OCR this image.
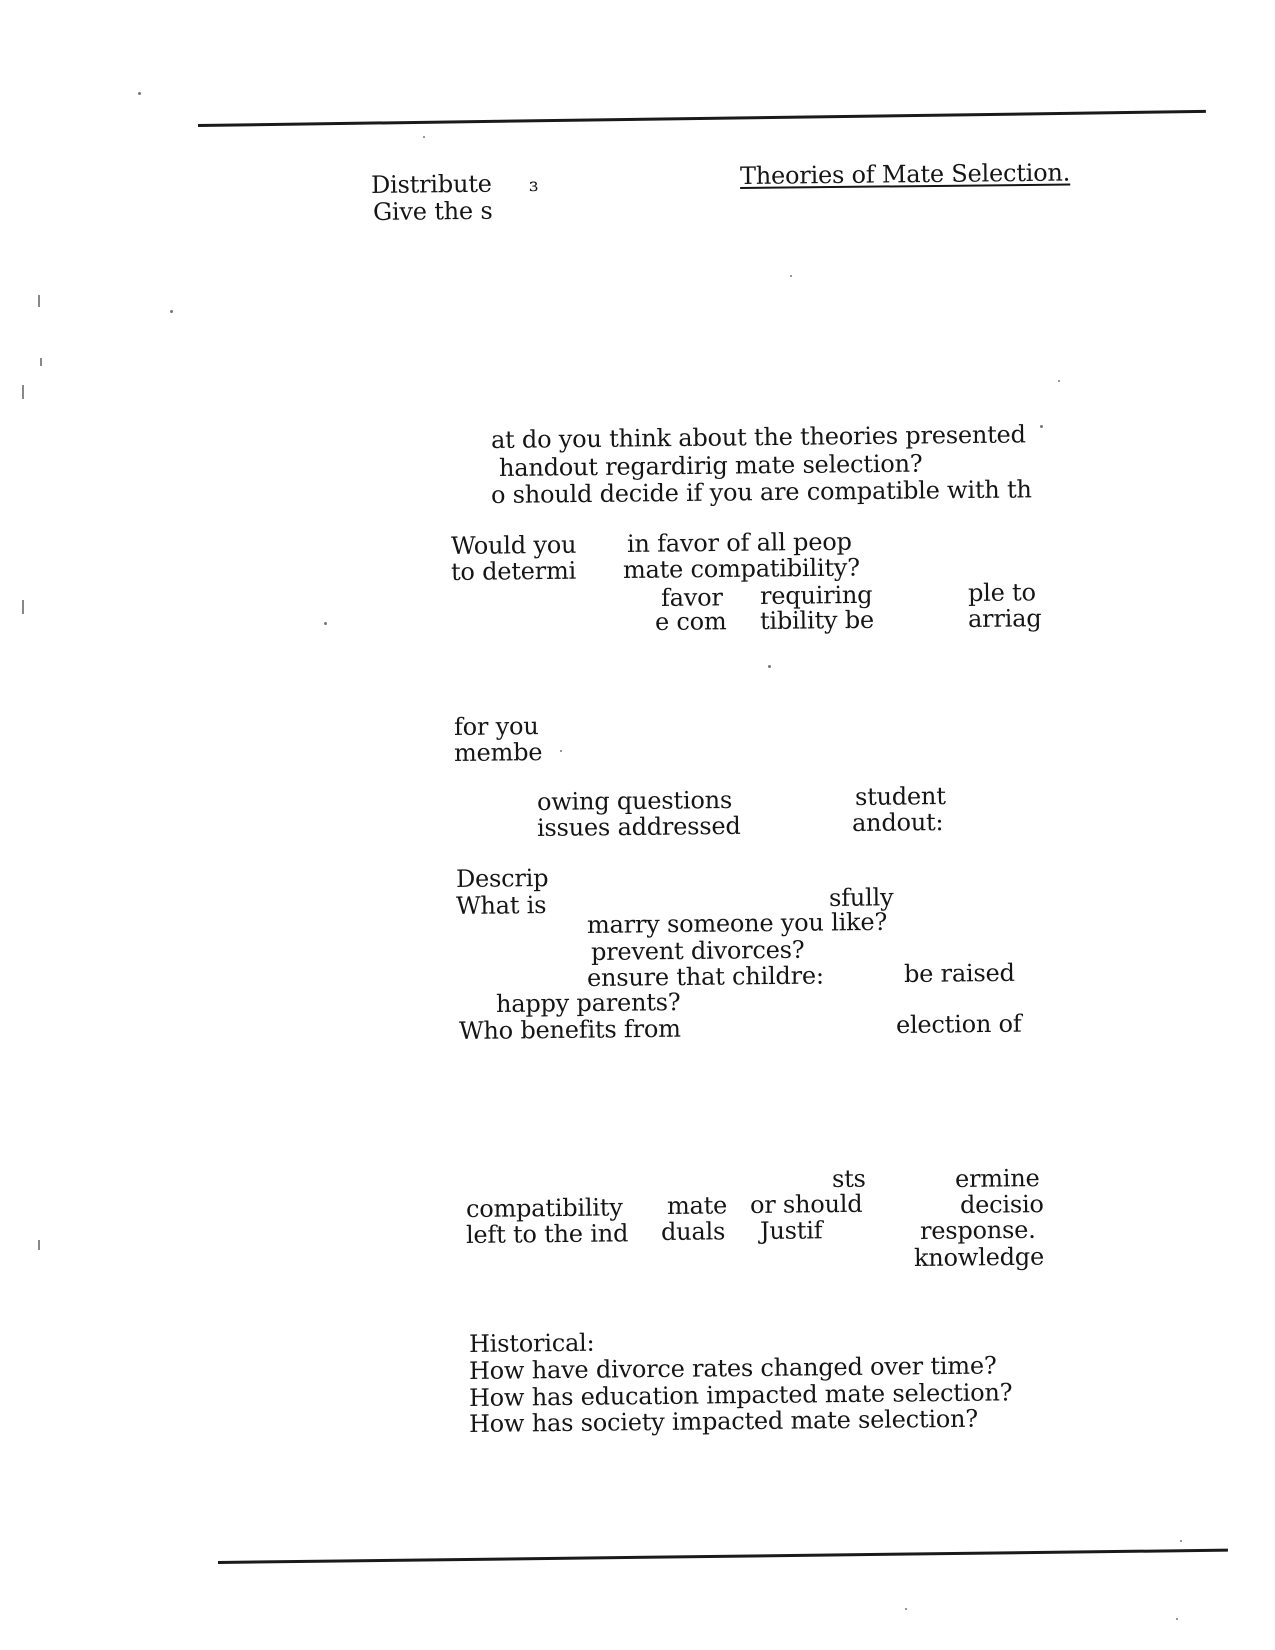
Distribute ɜ	Theories of Mate Selection.
Give the s
at do you think about the theories presented
handout regardirig mate selection?
o should decide if you are compatible with th
Would you
to determi
in favor of all peop
mate compatibility?
favor
e com
requiring
tibility be
ple to
arriag
for you
membe
owing questions
issues addressed
student
andout:
Descrip
What is	sfully
marry someone you like?
prevent divorces?
ensure that childre:	be raised
happy parents?
Who benefits from	election of
sts	ermine
compatibility mate or should	decisio
left to the ind duals Justif	response.
knowledge
Historical:
How have divorce rates changed over time?
How has education impacted mate selection?
How has society impacted mate selection?
